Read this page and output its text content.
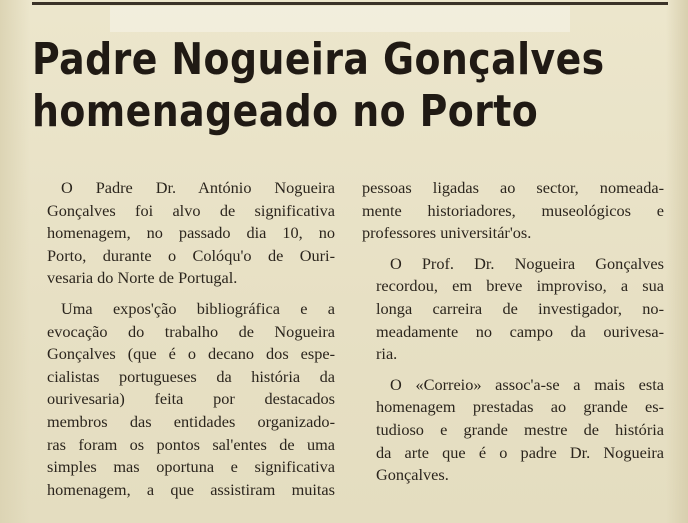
Padre Nogueira Gonçalves
homenageado no Porto

O Padre Dr. António Nogueira
Gonçalves foi alvo de significativa
homenagem, no passado dia 10, no
Porto, durante o Colóqu'o de Ouri-
vesaria do Norte de Portugal.

Uma expos'ção bibliográfica e a
evocação do trabalho de Nogueira
Gonçalves (que é o decano dos espe-
cialistas portugueses da história da
ourivesaria) feita por destacados
membros das entidades organizado-
ras foram os pontos sal'entes de uma
simples mas oportuna e significativa
homenagem, a que assistiram muitas

pessoas ligadas ao sector, nomeada-
mente historiadores, museológicos e
professores universitár'os.

O Prof. Dr. Nogueira Gonçalves
recordou, em breve improviso, a sua
longa carreira de investigador, no-
meadamente no campo da ourivesa-
ria.

O «Correio» assoc'a-se a mais esta
homenagem prestadas ao grande es-
tudioso e grande mestre de história
da arte que é o padre Dr. Nogueira
Gonçalves.
